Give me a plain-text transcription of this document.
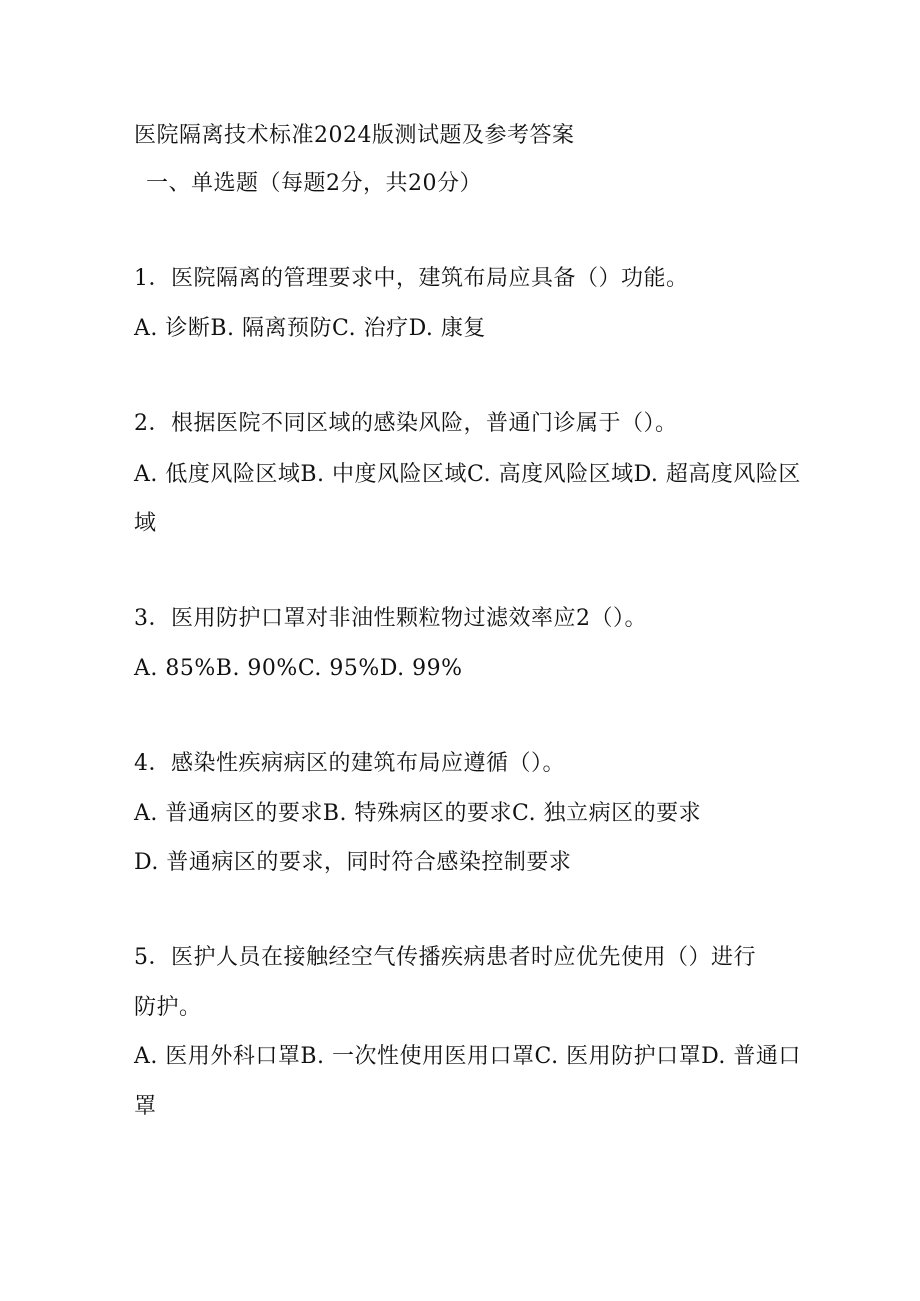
医院隔离技术标准2024版测试题及参考答案
一、单选题（每题2分，共20分）
1．医院隔离的管理要求中，建筑布局应具备（）功能。
A. 诊断B. 隔离预防C. 治疗D. 康复
2．根据医院不同区域的感染风险，普通门诊属于（）。
A. 低度风险区域B. 中度风险区域C. 高度风险区域D. 超高度风险区
域
3．医用防护口罩对非油性颗粒物过滤效率应2（）。
A. 85%B. 90%C. 95%D. 99%
4．感染性疾病病区的建筑布局应遵循（）。
A. 普通病区的要求B. 特殊病区的要求C. 独立病区的要求
D. 普通病区的要求，同时符合感染控制要求
5．医护人员在接触经空气传播疾病患者时应优先使用（）进行
防护。
A. 医用外科口罩B. 一次性使用医用口罩C. 医用防护口罩D. 普通口
罩
